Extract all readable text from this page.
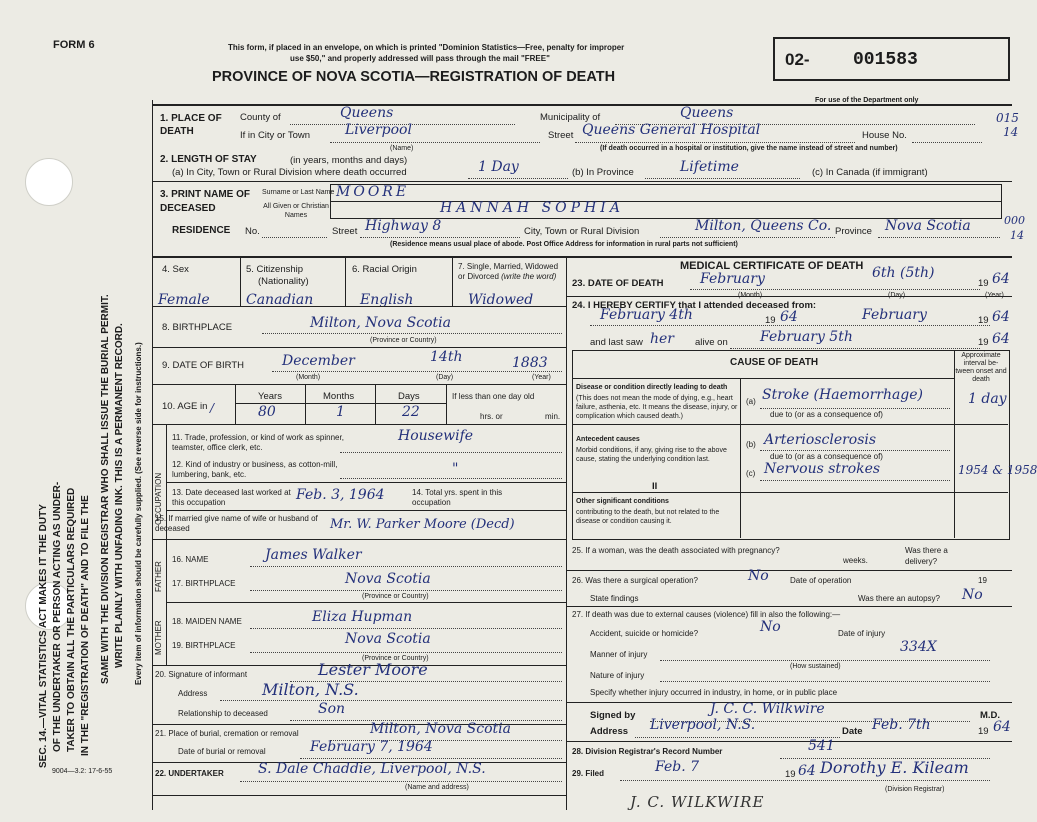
FORM 6	This form, if placed in an envelope, on which is printed "Dominion Statistics—Free, penalty for improper
use $50," and properly addressed will pass through the mail "FREE"
PROVINCE OF NOVA SCOTIA—REGISTRATION OF DEATH
02- 001583
For use of the Department only
9004—3.2: 17-6-55
015
14
000
14
SEC. 14.—VITAL STATISTICS ACT MAKES IT THE DUTY OF THE UNDERTAKER OR PERSON ACTING AS UNDER- TAKER TO OBTAIN ALL THE PARTICULARS REQUIRED IN THE "REGISTRATION OF DEATH" AND TO FILE THE SAME WITH THE DIVISION REGISTRAR WHO SHALL ISSUE THE BURIAL PERMIT. WRITE PLAINLY WITH UNFADING INK. THIS IS A PERMANENT RECORD. Every item of information should be carefully supplied. (See reverse side for instructions.)
1. PLACE OF DEATH
County of	Queens	Municipality of	Queens
If in City or Town Liverpool
(Name)
Street Queens General Hospital	House No.
(If death occurred in a hospital or institution, give the name instead of street and number)
2. LENGTH OF STAY	(in years, months and days)
(a) In City, Town or Rural Division where death occurred	1 Day	(b) In Province	Lifetime	(c) In Canada (if immigrant)
3. PRINT NAME OF DECEASED
Surname or Last Name MOORE
All Given or Christian Names	HANNAH SOPHIA
RESIDENCE No.	Street Highway 8	City, Town or Rural Division	Milton, Queens Co. Province Nova Scotia
(Residence means usual place of abode. Post Office Address for information in rural parts not sufficient)
4. Sex	5. Citizenship
(Nationality)
6. Racial Origin	7. Single, Married, Widowed or Divorced (write the word)
Female	Canadian	English	Widowed
8. BIRTHPLACE	Milton, Nova Scotia
(Province or Country)
9. DATE OF BIRTH	December	14th	1883
(Month)	(Day)	(Year)
10. AGE in /
Years	Months	Days
80	1	22
If less than one day old
hrs. or	min.
OCCUPATION
11. Trade, profession, or kind of work as spinner, teamster, office clerk, etc.
Housewife
12. Kind of industry or business, as cotton-mill, lumbering, bank, etc.	"
13. Date deceased last worked at this occupation	Feb. 3, 1964	14. Total yrs. spent in this occupation
15. If married give name of wife or husband of deceased	Mr. W. Parker Moore (Decd)
FATHER
MOTHER
16. NAME	James Walker
17. BIRTHPLACE	Nova Scotia
(Province or Country)
18. MAIDEN NAME	Eliza Hupman
19. BIRTHPLACE	Nova Scotia
(Province or Country)
20. Signature of informant	Lester Moore
Address	Milton, N.S.
Relationship to deceased	Son
21. Place of burial, cremation or removal	Milton, Nova Scotia
Date of burial or removal	February 7, 1964
22. UNDERTAKER S. Dale Chaddie, Liverpool, N.S.
(Name and address)
MEDICAL CERTIFICATE OF DEATH
23. DATE OF DEATH	February	6th (5th)
19 64
(Month)	(Day)	(Year)
24. I HEREBY CERTIFY that I attended deceased from:
February 4th	19 64	February	19 64
and last saw her alive on February 5th	19 64
CAUSE OF DEATH
Approximate interval be-tween onset and death
Disease or condition directly leading to death
(This does not mean the mode of dying, e.g., heart failure, asthenia, etc. It means the disease, injury, or complication which caused death.)
(a) Stroke (Haemorrhage)	1 day
due to (or as a consequence of)
Antecedent causes
Morbid conditions, if any, giving rise to the above cause, stating the underlying condition last.
(b) Arteriosclerosis
due to (or as a consequence of)
(c) Nervous strokes	1954 & 1958
II
Other significant conditions
contributing to the death, but not related to the disease or condition causing it.
25. If a woman, was the death associated with pregnancy?
weeks.
Was there a delivery?
26. Was there a surgical operation?	No	Date of operation	19
State findings	Was there an autopsy? No
27. If death was due to external causes (violence) fill in also the following:—
Accident, suicide or homicide?	No	Date of injury
Manner of injury	334X
(How sustained)
Nature of injury
Specify whether injury occurred in industry, in home, or in public place
Signed by	J. C. C. Wilkwire	M.D.
Address Liverpool, N.S.	Date Feb. 7th	19 64
28. Division Registrar's Record Number	541
29. Filed	Feb. 7	19 64 Dorothy E. Kileam
(Division Registrar)
J. C. WILKWIRE
